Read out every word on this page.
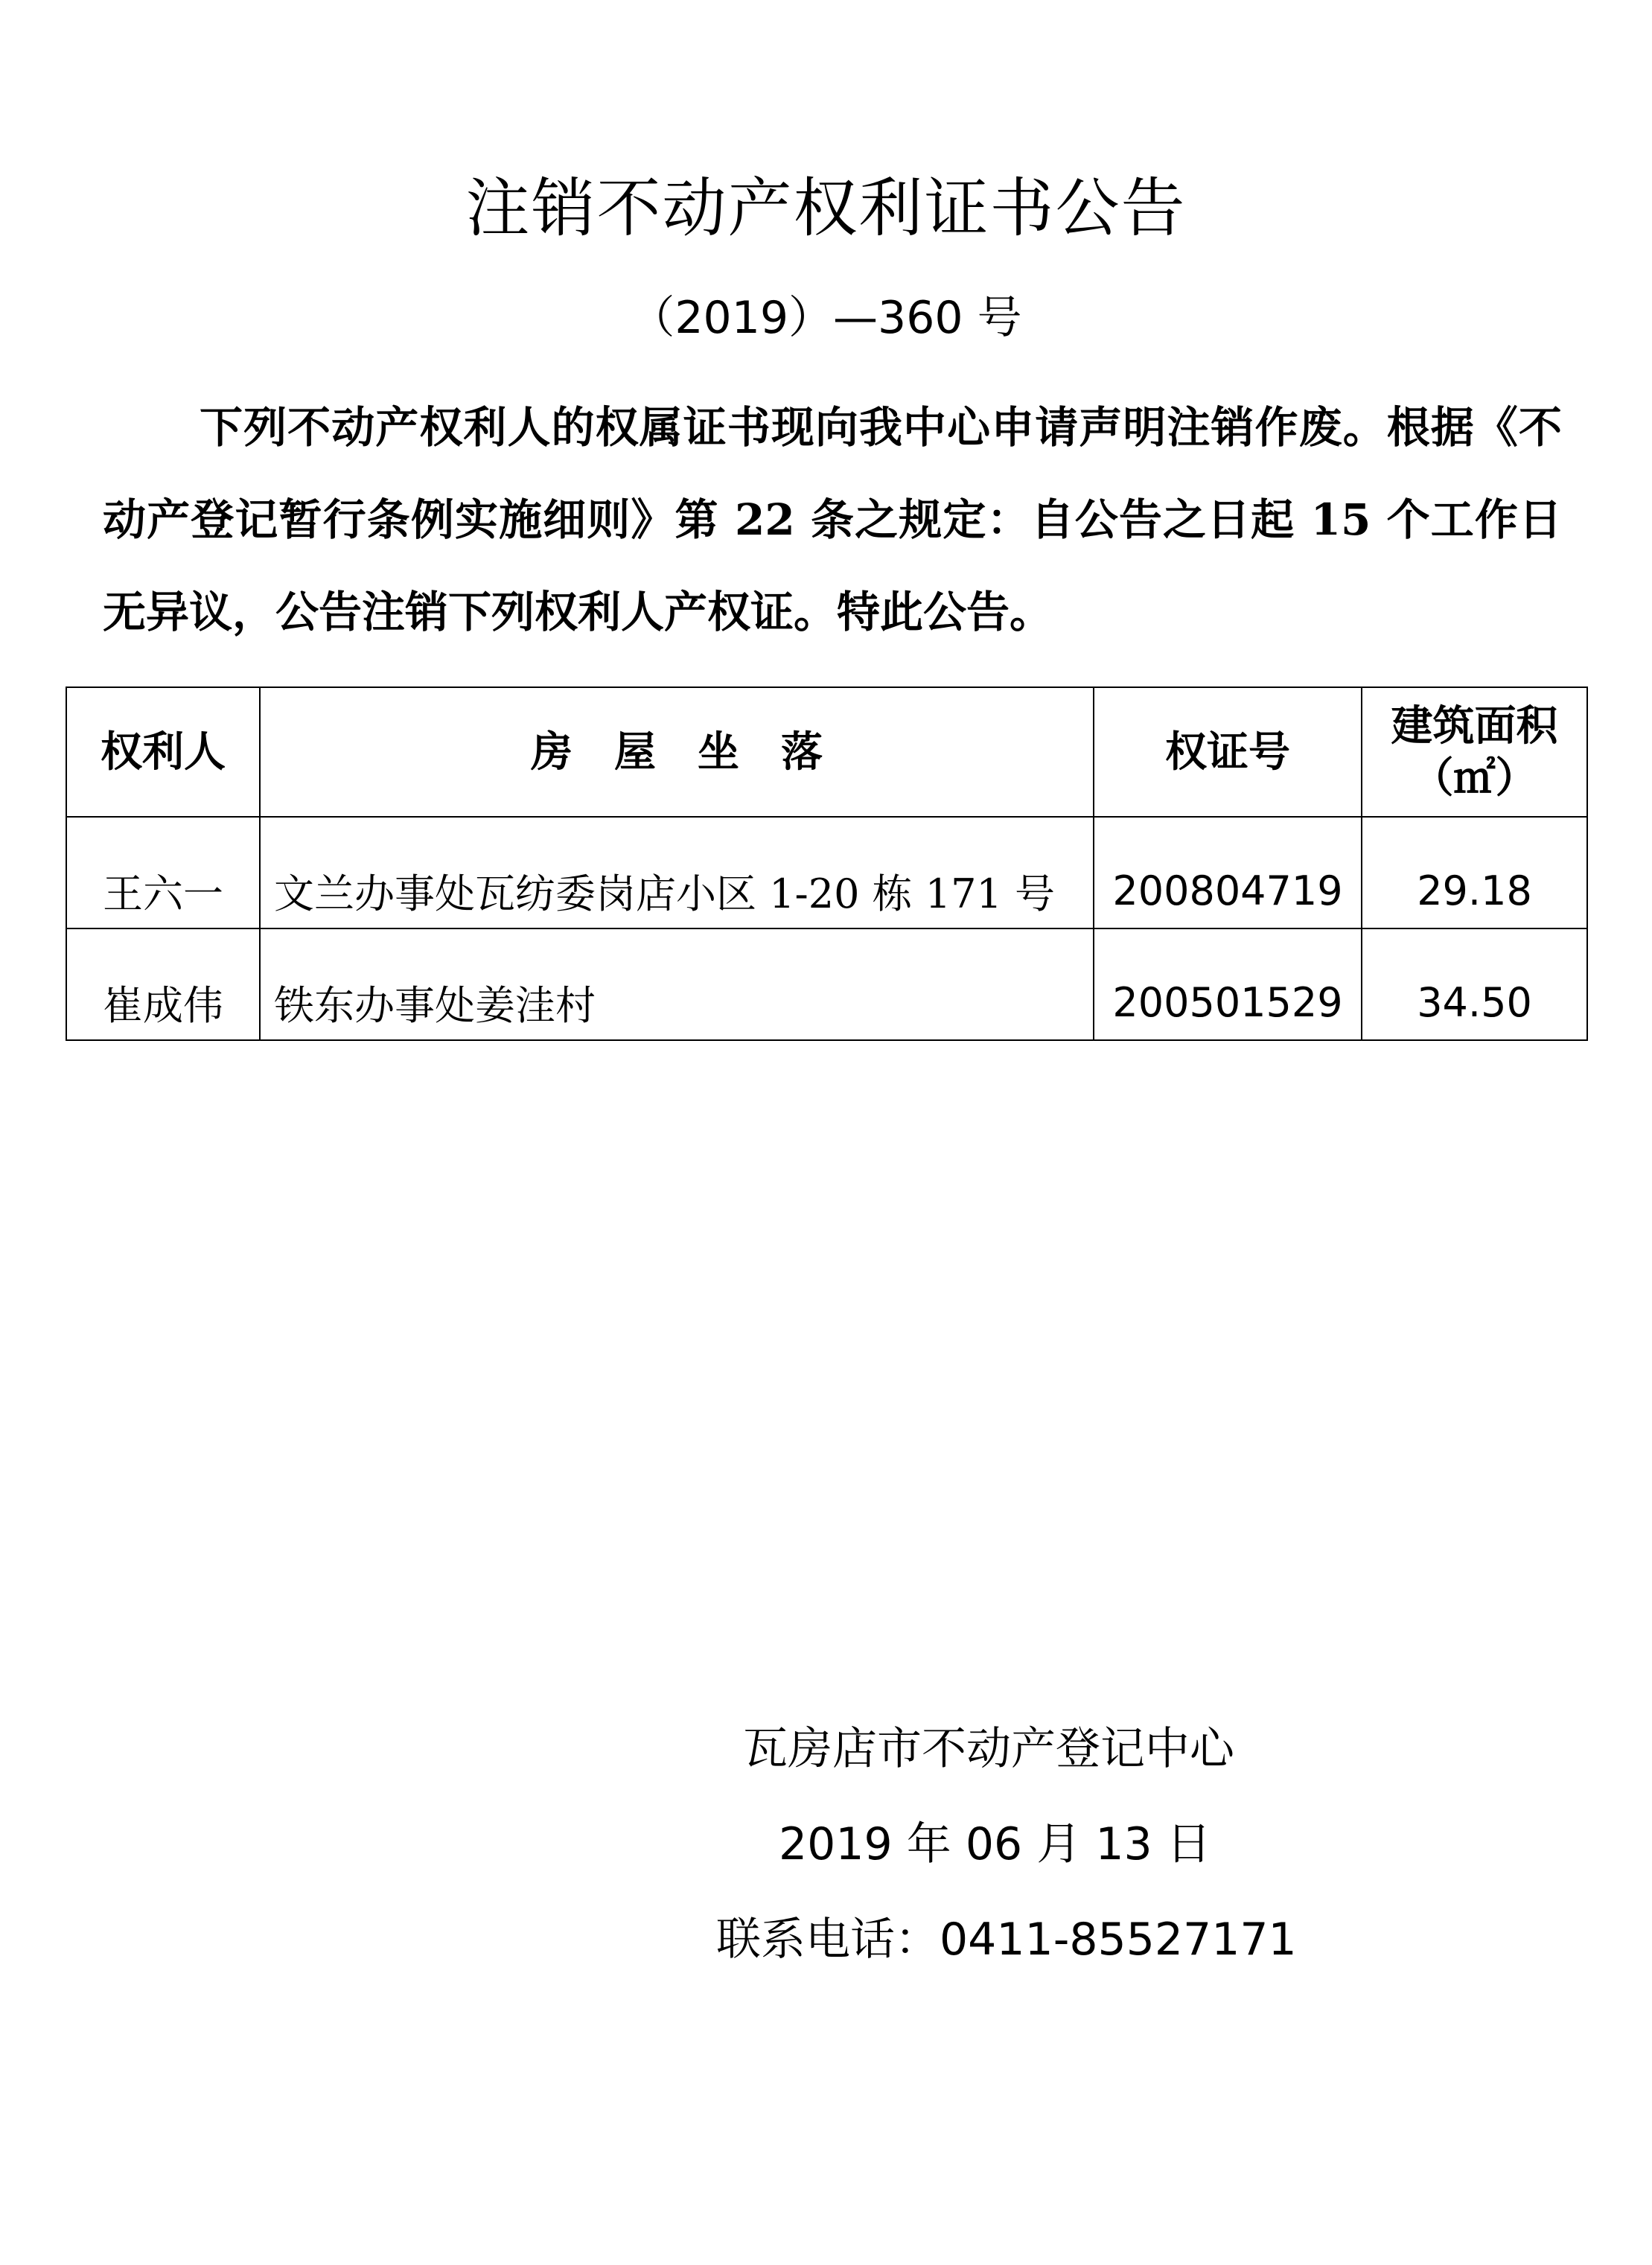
注销不动产权利证书公告
（2019）—360 号
下列不动产权利人的权属证书现向我中心申请声明注销作废。根据《不动产登记暂行条例实施细则》第 22 条之规定：自公告之日起 15 个工作日无异议，公告注销下列权利人产权证。特此公告。
权利人	房　屋　坐　落	权证号	建筑面积
（㎡）

王六一	文兰办事处瓦纺委岗店小区 1-20 栋 171 号	200804719	29.18
崔成伟	铁东办事处姜洼村	200501529	34.50
瓦房店市不动产登记中心
2019 年 06 月 13 日
联系电话：0411-85527171
